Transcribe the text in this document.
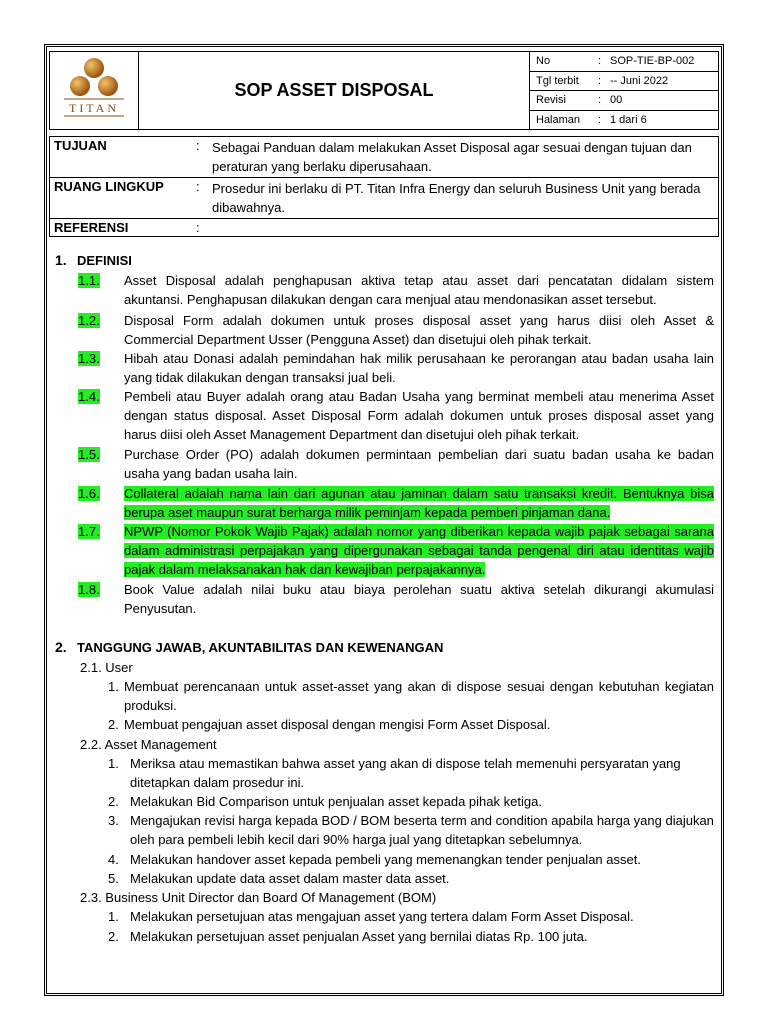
TITAN
	SOP ASSET DISPOSAL	
No	: SOP-TIE-BP-002

Tgl terbit	: -- Juni 2022

Revisi	: 00

Halaman	: 1 dari 6
TUJUAN	:	Sebagai Panduan dalam melakukan Asset Disposal agar sesuai dengan tujuan dan peraturan yang berlaku diperusahaan.
RUANG LINGKUP	:	Prosedur ini berlaku di PT. Titan Infra Energy dan seluruh Business Unit yang berada dibawahnya.
REFERENSI	:	
1. DEFINISI
1.1.	Asset Disposal adalah penghapusan aktiva tetap atau asset dari pencatatan didalam sistem akuntansi. Penghapusan dilakukan dengan cara menjual atau mendonasikan asset tersebut.
1.2.	Disposal Form adalah dokumen untuk proses disposal asset yang harus diisi oleh Asset & Commercial Department Usser (Pengguna Asset) dan disetujui oleh pihak terkait.
1.3.	Hibah atau Donasi adalah pemindahan hak milik perusahaan ke perorangan atau badan usaha lain yang tidak dilakukan dengan transaksi jual beli.
1.4.	Pembeli atau Buyer adalah orang atau Badan Usaha yang berminat membeli atau menerima Asset dengan status disposal. Asset Disposal Form adalah dokumen untuk proses disposal asset yang harus diisi oleh Asset Management Department dan disetujui oleh pihak terkait.
1.5.	Purchase Order (PO) adalah dokumen permintaan pembelian dari suatu badan usaha ke badan usaha yang badan usaha lain.
1.6.	Collateral adalah nama lain dari agunan atau jaminan dalam satu transaksi kredit. Bentuknya bisa berupa aset maupun surat berharga milik peminjam kepada pemberi pinjaman dana.
1.7.	NPWP (Nomor Pokok Wajib Pajak) adalah nomor yang diberikan kepada wajib pajak sebagai sarana dalam administrasi perpajakan yang dipergunakan sebagai tanda pengenal diri atau identitas wajib pajak dalam melaksanakan hak dan kewajiban perpajakannya.
1.8.	Book Value adalah nilai buku atau biaya perolehan suatu aktiva setelah dikurangi akumulasi Penyusutan.
2. TANGGUNG JAWAB, AKUNTABILITAS DAN KEWENANGAN
2.1. User
1. Membuat perencanaan untuk asset-asset yang akan di dispose sesuai dengan kebutuhan kegiatan produksi.
2. Membuat pengajuan asset disposal dengan mengisi Form Asset Disposal.
2.2. Asset Management
1. Meriksa atau memastikan bahwa asset yang akan di dispose telah memenuhi persyaratan yang ditetapkan dalam prosedur ini.
2. Melakukan Bid Comparison untuk penjualan asset kepada pihak ketiga.
3. Mengajukan revisi harga kepada BOD / BOM beserta term and condition apabila harga yang diajukan oleh para pembeli lebih kecil dari 90% harga jual yang ditetapkan sebelumnya.
4. Melakukan handover asset kepada pembeli yang memenangkan tender penjualan asset.
5. Melakukan update data asset dalam master data asset.
2.3. Business Unit Director dan Board Of Management (BOM)
1. Melakukan persetujuan atas mengajuan asset yang tertera dalam Form Asset Disposal.
2. Melakukan persetujuan asset penjualan Asset yang bernilai diatas Rp. 100 juta.
